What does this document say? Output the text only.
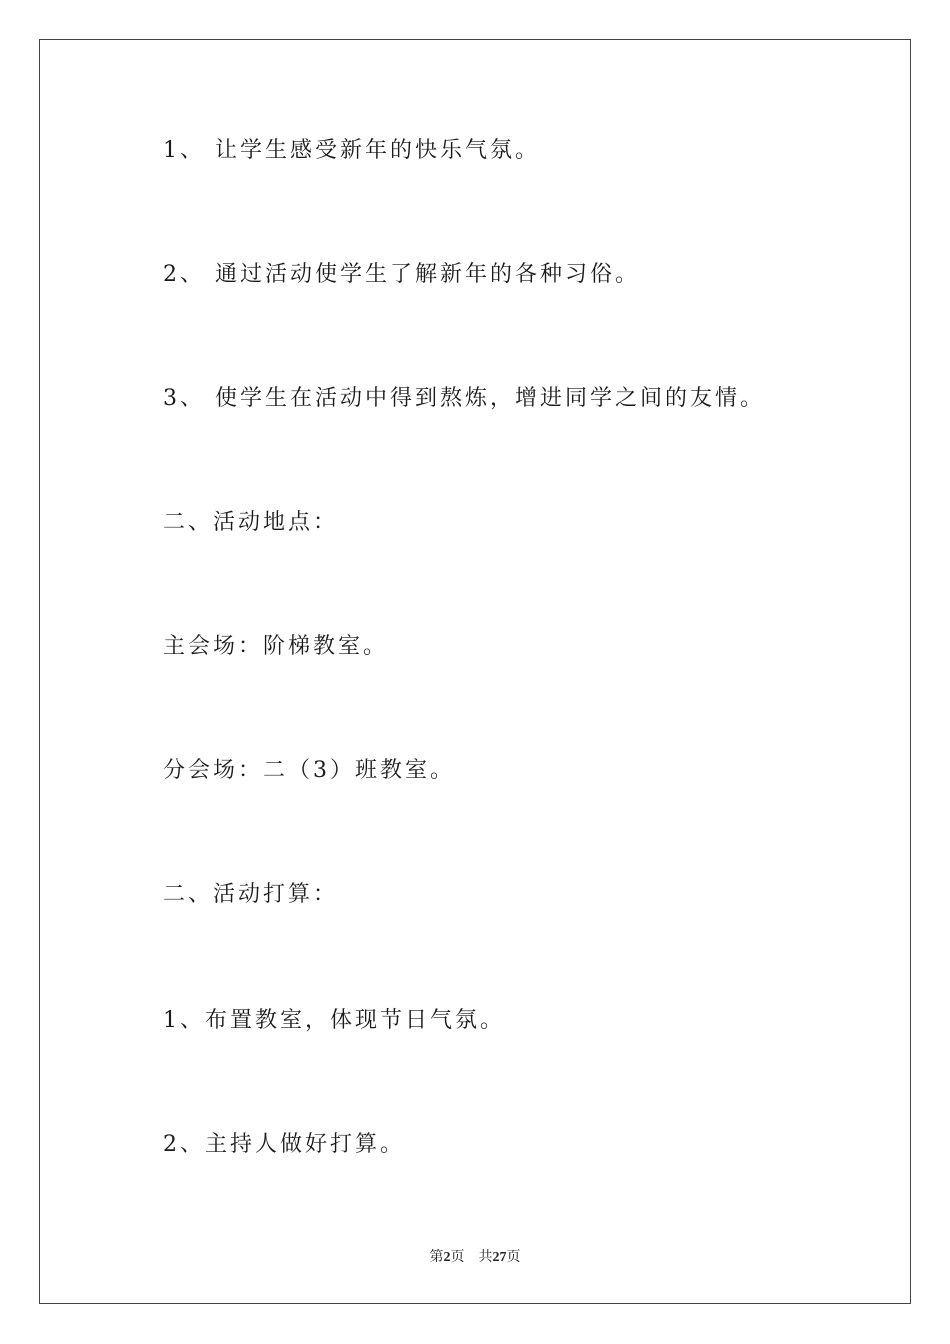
1、 让学生感受新年的快乐气氛。
2、 通过活动使学生了解新年的各种习俗。
3、 使学生在活动中得到熬炼，增进同学之间的友情。
二、活动地点：
主会场：阶梯教室。
分会场：二（3）班教室。
二、活动打算：
1、布置教室，体现节日气氛。
2、主持人做好打算。
第2页 共27页
